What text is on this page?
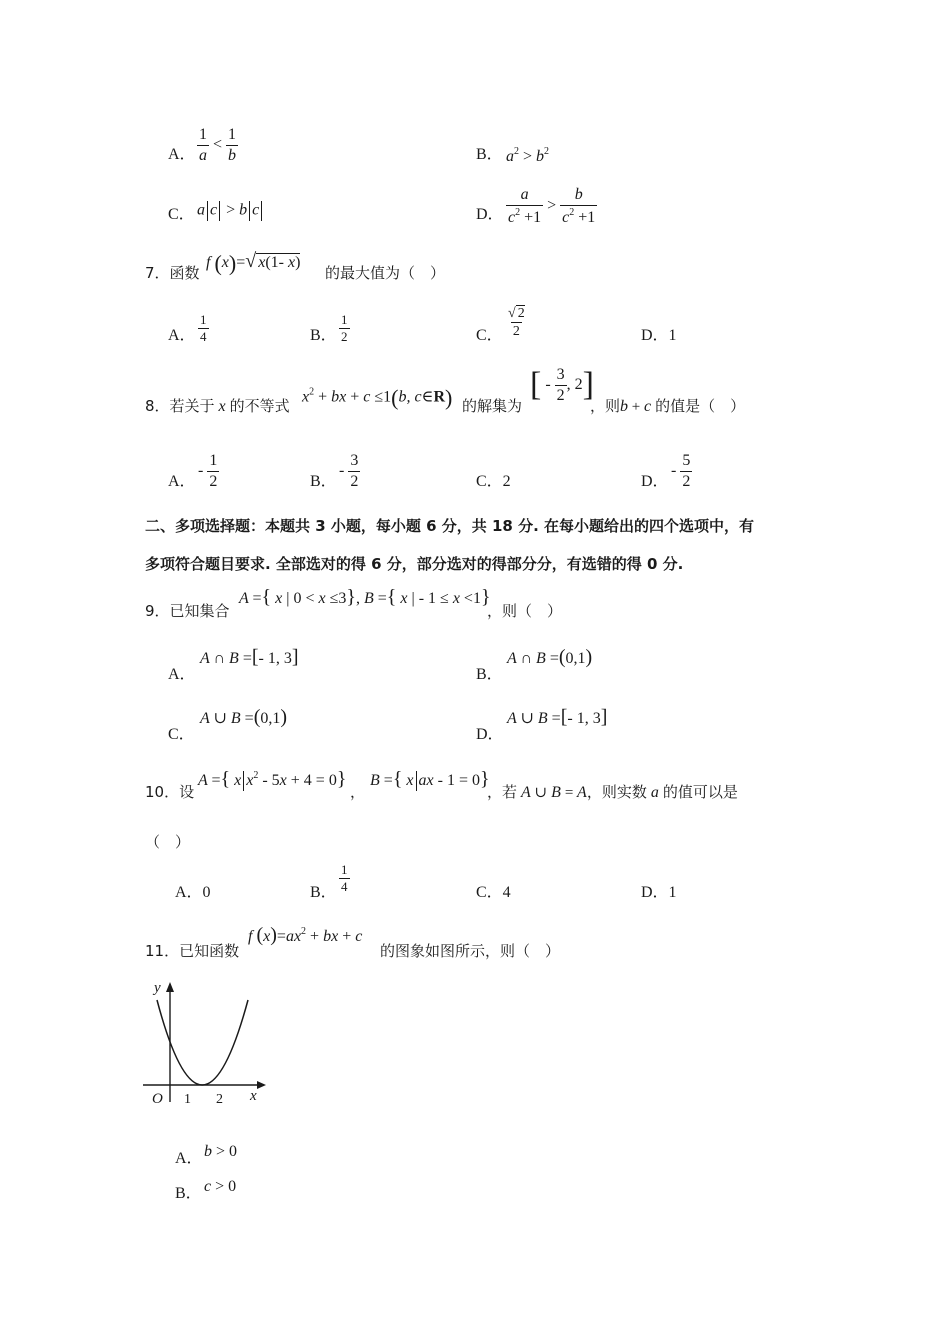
A． $\frac{1}{a} < \frac{1}{b}$	B． $a^2 > b^2$
C． a c > b c	D． $\frac{a}{c^2 +1} > \frac{b}{c^2 +1}$
7．函数
f (x)=√ x(1- x)
的最大值为（　）
A． $\frac{1}{4}$	B． $\frac{1}{2}$	C． $\frac{√ 2}{2}$	D．1
8．若关于 x 的不等式 $x^2$ + bx + c ≤1(b, c∈R) 的解集为
[ - $\frac{3}{2}$ , 2]
，则b + c 的值是（　）
A．
- $\frac{1}{2}$	B．
- $\frac{3}{2}$	C．2	D．
- $\frac{5}{2}$
二、多项选择题：本题共 3 小题，每小题 6 分，共 18 分. 在每小题给出的四个选项中，有
多项符合题目要求. 全部选对的得 6 分，部分选对的得部分分，有选错的得 0 分.
9．已知集合
A ={ x | 0 < x ≤3}, B ={ x | - 1 ≤ x <1}
，则（　）
A．
A ∩ B =[- 1, 3]
B．
A ∩ B =(0,1)
C．
A ∪ B =(0,1)
D．
A ∪ B =[- 1, 3]
10．设
A ={ x $x^2 - 5x + 4 = 0$}
，
B ={ x ax - 1 = 0}
，若 A ∪ B = A，则实数 a 的值可以是
（　）
A．0	B． $\frac{1}{4}$	C．4	D．1
11．已知函数
f $(x)=ax^2$ + bx + c
的图象如图所示，则（　）
y
x
O 1 2
A． b > 0
B． c > 0
